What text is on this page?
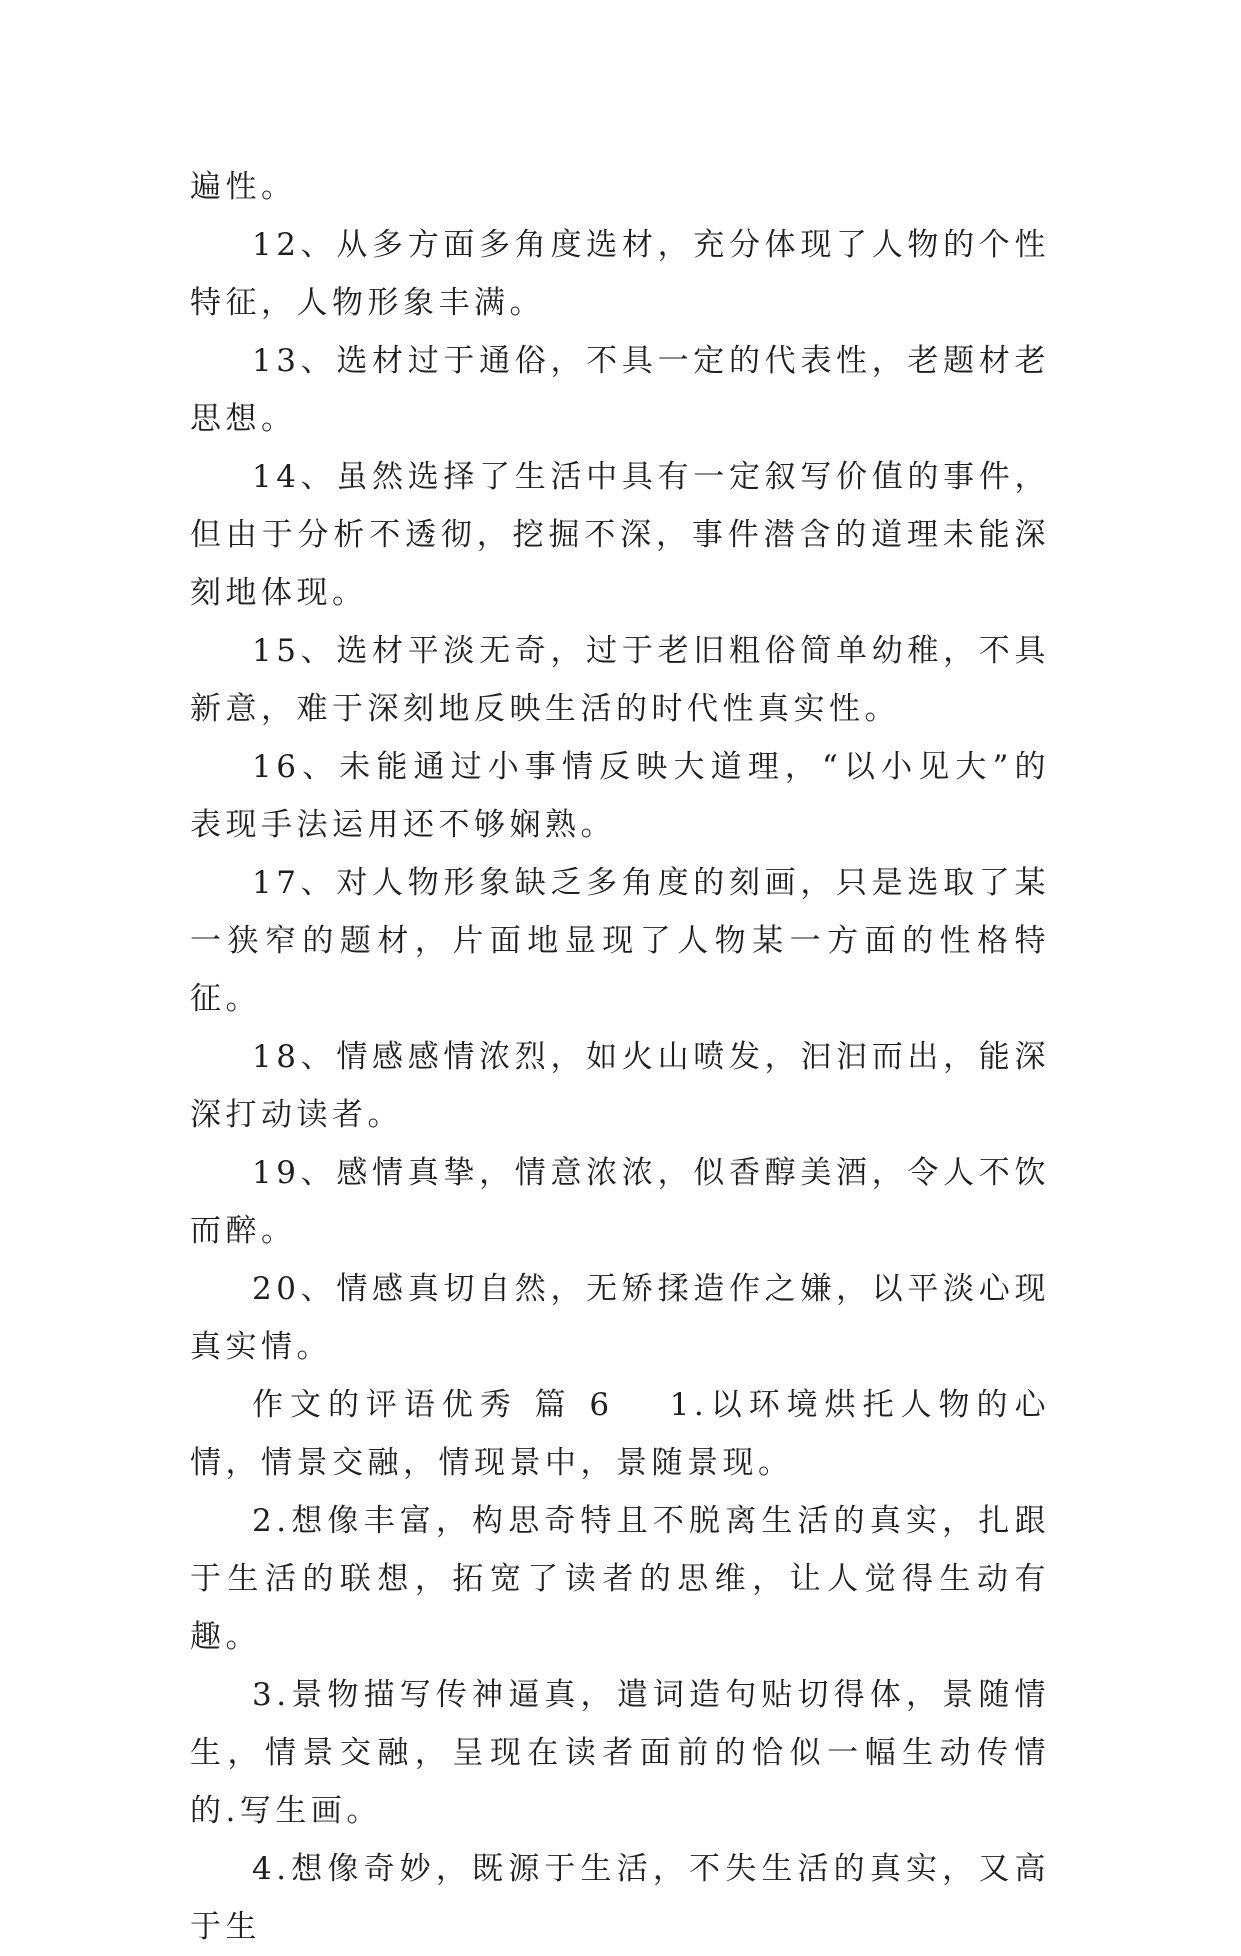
遍性。

12、从多方面多角度选材，充分体现了人物的个性特征，人物形象丰满。

13、选材过于通俗，不具一定的代表性，老题材老思想。

14、虽然选择了生活中具有一定叙写价值的事件，但由于分析不透彻，挖掘不深，事件潜含的道理未能深刻地体现。

15、选材平淡无奇，过于老旧粗俗简单幼稚，不具新意，难于深刻地反映生活的时代性真实性。

16、未能通过小事情反映大道理，“以小见大”的表现手法运用还不够娴熟。

17、对人物形象缺乏多角度的刻画，只是选取了某一狭窄的题材，片面地显现了人物某一方面的性格特征。

18、情感感情浓烈，如火山喷发，汩汩而出，能深深打动读者。

19、感情真挚，情意浓浓，似香醇美酒，令人不饮而醉。

20、情感真切自然，无矫揉造作之嫌，以平淡心现真实情。

作文的评语优秀 篇 6 1.以环境烘托人物的心情，情景交融，情现景中，景随景现。

2.想像丰富，构思奇特且不脱离生活的真实，扎跟于生活的联想，拓宽了读者的思维，让人觉得生动有趣。

3.景物描写传神逼真，遣词造句贴切得体，景随情生，情景交融，呈现在读者面前的恰似一幅生动传情的.写生画。

4.想像奇妙，既源于生活，不失生活的真实，又高于生
